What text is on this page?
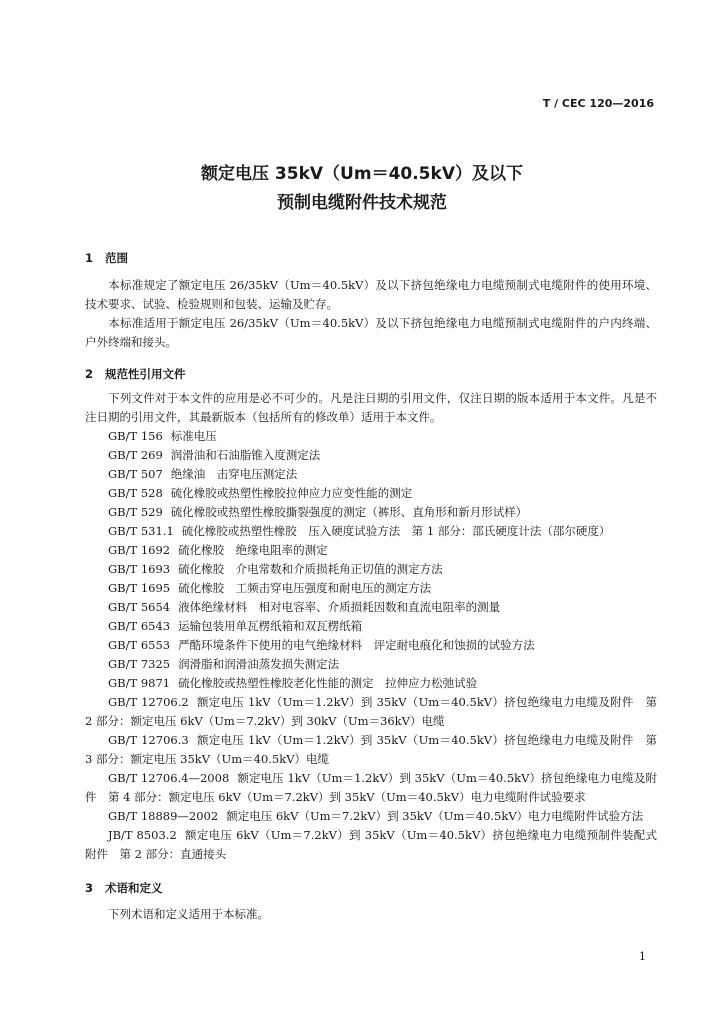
T / CEC 120—2016
额定电压 35kV（Um＝40.5kV）及以下
预制电缆附件技术规范
1 范围
本标准规定了额定电压 26/35kV（Um＝40.5kV）及以下挤包绝缘电力电缆预制式电缆附件的使用环境、技术要求、试验、检验规则和包装、运输及贮存。
本标准适用于额定电压 26/35kV（Um＝40.5kV）及以下挤包绝缘电力电缆预制式电缆附件的户内终端、户外终端和接头。
2 规范性引用文件
下列文件对于本文件的应用是必不可少的。凡是注日期的引用文件，仅注日期的版本适用于本文件。凡是不注日期的引用文件，其最新版本（包括所有的修改单）适用于本文件。
GB/T 156 标准电压
GB/T 269 润滑油和石油脂锥入度测定法
GB/T 507 绝缘油　击穿电压测定法
GB/T 528 硫化橡胶或热塑性橡胶拉伸应力应变性能的测定
GB/T 529 硫化橡胶或热塑性橡胶撕裂强度的测定（裤形、直角形和新月形试样）
GB/T 531.1 硫化橡胶或热塑性橡胶　压入硬度试验方法　第 1 部分：邵氏硬度计法（邵尔硬度）
GB/T 1692 硫化橡胶　绝缘电阻率的测定
GB/T 1693 硫化橡胶　介电常数和介质损耗角正切值的测定方法
GB/T 1695 硫化橡胶　工频击穿电压强度和耐电压的测定方法
GB/T 5654 液体绝缘材料　相对电容率、介质损耗因数和直流电阻率的测量
GB/T 6543 运输包装用单瓦楞纸箱和双瓦楞纸箱
GB/T 6553 严酷环境条件下使用的电气绝缘材料　评定耐电痕化和蚀损的试验方法
GB/T 7325 润滑脂和润滑油蒸发损失测定法
GB/T 9871 硫化橡胶或热塑性橡胶老化性能的测定　拉伸应力松弛试验
GB/T 12706.2 额定电压 1kV（Um＝1.2kV）到 35kV（Um＝40.5kV）挤包绝缘电力电缆及附件　第 2 部分：额定电压 6kV（Um＝7.2kV）到 30kV（Um＝36kV）电缆
GB/T 12706.3 额定电压 1kV（Um＝1.2kV）到 35kV（Um＝40.5kV）挤包绝缘电力电缆及附件　第 3 部分：额定电压 35kV（Um＝40.5kV）电缆
GB/T 12706.4—2008 额定电压 1kV（Um＝1.2kV）到 35kV（Um＝40.5kV）挤包绝缘电力电缆及附件　第 4 部分：额定电压 6kV（Um＝7.2kV）到 35kV（Um＝40.5kV）电力电缆附件试验要求
GB/T 18889—2002 额定电压 6kV（Um＝7.2kV）到 35kV（Um＝40.5kV）电力电缆附件试验方法
JB/T 8503.2 额定电压 6kV（Um＝7.2kV）到 35kV（Um＝40.5kV）挤包绝缘电力电缆预制件装配式附件　第 2 部分：直通接头
3 术语和定义
下列术语和定义适用于本标准。
1
